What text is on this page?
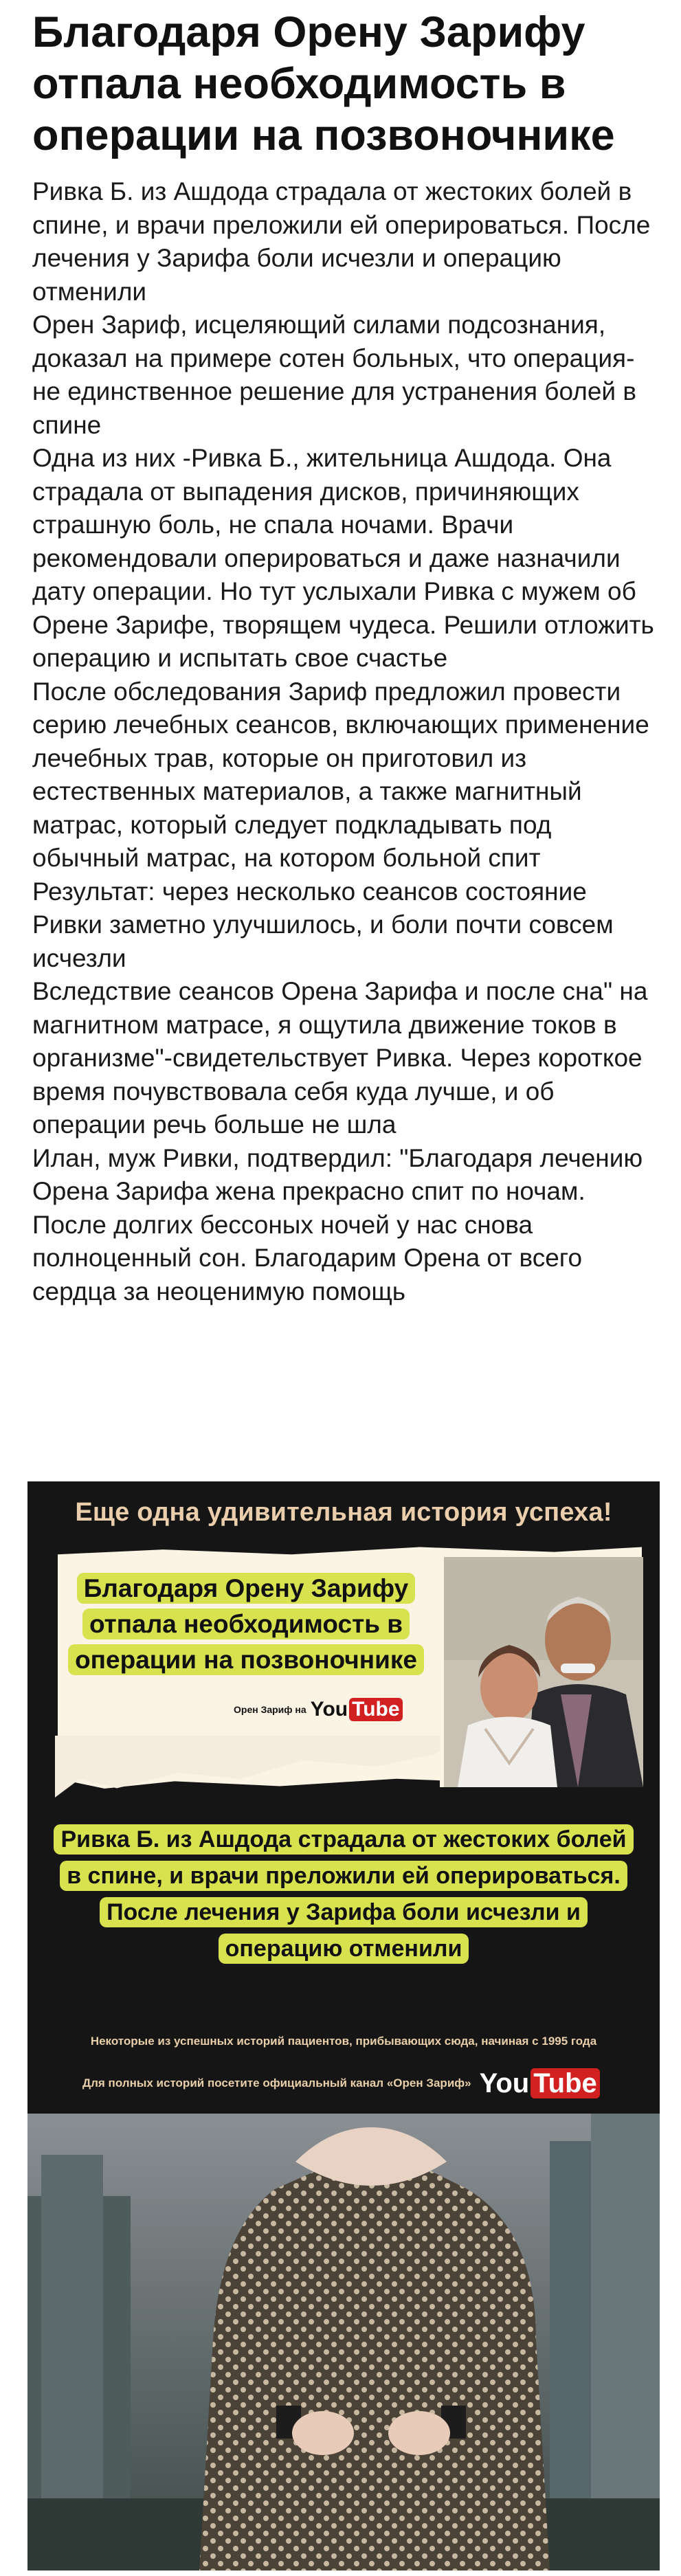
Благодаря Орену Зарифу отпала необходимость в операции на позвоночнике

Ривка Б. из Ашдода страдала от жестоких болей в спине, и врачи преложили ей оперироваться. После лечения у Зарифа боли исчезли и операцию отменили

Орен Зариф, исцеляющий силами подсознания, доказал на примере сотен больных, что операция- не единственное решение для устранения болей в спине

Одна из них -Ривка Б., жительница Ашдода. Она страдала от выпадения дисков, причиняющих страшную боль, не спала ночами. Врачи рекомендовали оперироваться и даже назначили дату операции. Но тут услыхали Ривка с мужем об Орене Зарифе, творящем чудеса. Решили отложить операцию и испытать свое счастье

После обследования Зариф предложил провести серию лечебных сеансов, включающих применение лечебных трав, которые он приготовил из естественных материалов, а также магнитный матрас, который следует подкладывать под обычный матрас, на котором больной спит

Результат: через несколько сеансов состояние Ривки заметно улучшилось, и боли почти совсем исчезли

Вследствие сеансов Орена Зарифа и после сна" на магнитном матрасе, я ощутила движение токов в организме"-свидетельствует Ривка. Через короткое время почувствовала себя куда лучше, и об операции речь больше не шла

Илан, муж Ривки, подтвердил: "Благодаря лечению Орена Зарифа жена прекрасно спит по ночам. После долгих бессоных ночей у нас снова полноценный сон. Благодарим Орена от всего сердца за неоценимую помощь

Еще одна удивительная история успеха!

Благодаря Орену Зарифу отпала необходимость в операции на позвоночнике

Орен Зариф на You Tube

Ривка Б. из Ашдода страдала от жестоких болей в спине, и врачи преложили ей оперироваться. После лечения у Зарифа боли исчезли и операцию отменили

Некоторые из успешных историй пациентов, прибывающих сюда, начиная с 1995 года
Для полных историй посетите официальный канал «Орен Зариф» You Tube
